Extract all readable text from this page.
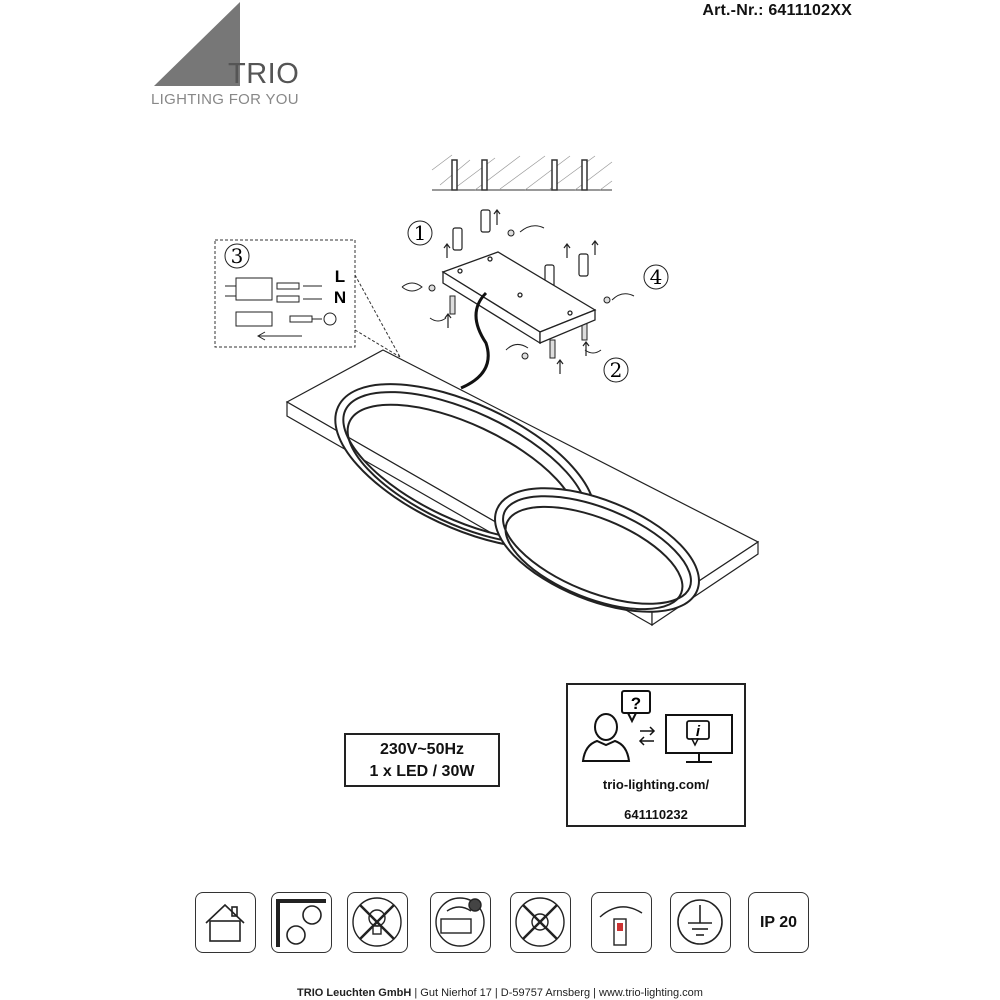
Art.-Nr.: 6411102XX
TRIO
LIGHTING FOR YOU
1
2
4
3
L
N
230V~50Hz
1 x LED / 30W
?
i
trio-lighting.com/
641110232
IP 20
TRIO Leuchten GmbH | Gut Nierhof 17 | D-59757 Arnsberg | www.trio-lighting.com
